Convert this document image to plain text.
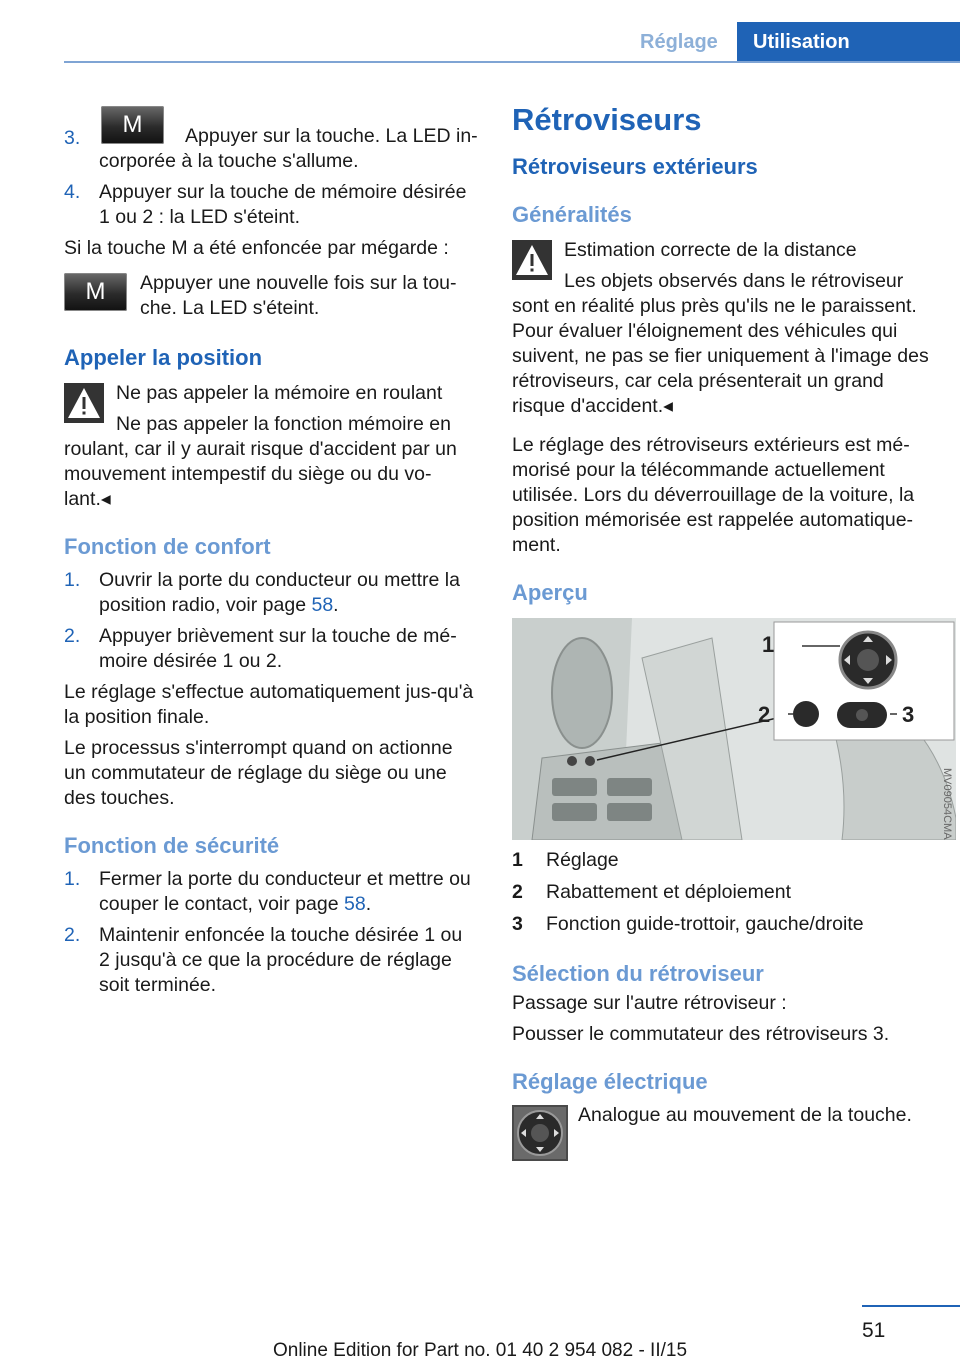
Réglage	Utilisation
3.	M	Appuyer sur la touche. La LED in-
corporée à la touche s'allume.
4. Appuyer sur la touche de mémoire désirée 1 ou 2 : la LED s'éteint.
Si la touche M a été enfoncée par mégarde :
M	Appuyer une nouvelle fois sur la tou-che. La LED s'éteint.
Appeler la position
Ne pas appeler la mémoire en roulant
Ne pas appeler la fonction mémoire en
roulant, car il y aurait risque d'accident par un mouvement intempestif du siège ou du vo-lant.◂
Fonction de confort
1. Ouvrir la porte du conducteur ou mettre la position radio, voir page 58.
2. Appuyer brièvement sur la touche de mé-moire désirée 1 ou 2.
Le réglage s'effectue automatiquement jus-qu'à la position finale.
Le processus s'interrompt quand on actionne un commutateur de réglage du siège ou une des touches.
Fonction de sécurité
1. Fermer la porte du conducteur et mettre ou couper le contact, voir page 58.
2. Maintenir enfoncée la touche désirée 1 ou 2 jusqu'à ce que la procédure de réglage soit terminée.
Rétroviseurs
Rétroviseurs extérieurs
Généralités
Estimation correcte de la distance
Les objets observés dans le rétroviseur
sont en réalité plus près qu'ils ne le paraissent. Pour évaluer l'éloignement des véhicules qui suivent, ne pas se fier uniquement à l'image des rétroviseurs, car cela présenterait un grand risque d'accident.◂
Le réglage des rétroviseurs extérieurs est mé-morisé pour la télécommande actuellement utilisée. Lors du déverrouillage de la voiture, la position mémorisée est rappelée automatique-ment.
Aperçu
1
2	3
MV09054CMA
1 Réglage
2 Rabattement et déploiement
3 Fonction guide-trottoir, gauche/droite
Sélection du rétroviseur
Passage sur l'autre rétroviseur :
Pousser le commutateur des rétroviseurs 3.
Réglage électrique
Analogue au mouvement de la touche.
51
Online Edition for Part no. 01 40 2 954 082 - II/15
